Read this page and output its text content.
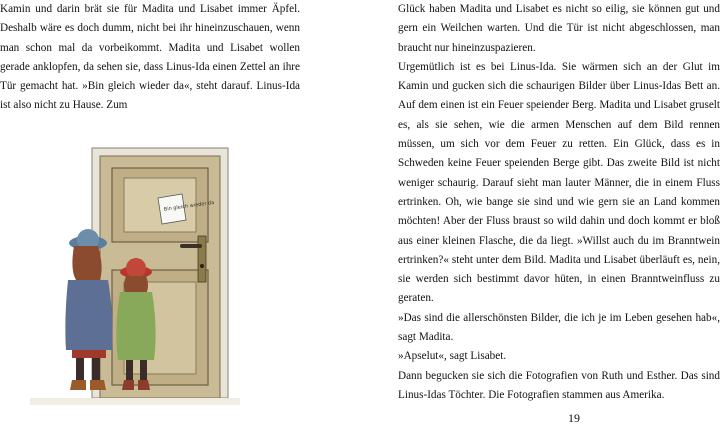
Kamin und darin brät sie für Madita und Lisabet immer Äpfel. Deshalb wäre es doch dumm, nicht bei ihr hineinzuschauen, wenn man schon mal da vorbeikommt. Madita und Lisabet wollen gerade anklopfen, da sehen sie, dass Linus-Ida einen Zettel an ihre Tür gemacht hat. »Bin gleich wieder da«, steht darauf. Linus-Ida ist also nicht zu Hause. Zum

Bin gleich wieder da

Glück haben Madita und Lisabet es nicht so eilig, sie können gut und gern ein Weilchen warten. Und die Tür ist nicht abgeschlossen, man braucht nur hineinzuspazieren.

Urgemütlich ist es bei Linus-Ida. Sie wärmen sich an der Glut im Kamin und gucken sich die schaurigen Bilder über Linus-Idas Bett an. Auf dem einen ist ein Feuer speiender Berg. Madita und Lisabet gruselt es, als sie sehen, wie die armen Menschen auf dem Bild rennen müssen, um sich vor dem Feuer zu retten. Ein Glück, dass es in Schweden keine Feuer speienden Berge gibt. Das zweite Bild ist nicht weniger schaurig. Darauf sieht man lauter Männer, die in einem Fluss ertrinken. Oh, wie bange sie sind und wie gern sie an Land kommen möchten! Aber der Fluss braust so wild dahin und doch kommt er bloß aus einer kleinen Flasche, die da liegt. »Willst auch du im Branntwein ertrinken?« steht unter dem Bild. Madita und Lisabet überläuft es, nein, sie werden sich bestimmt davor hüten, in einen Branntweinfluss zu geraten.

»Das sind die allerschönsten Bilder, die ich je im Leben gesehen hab«, sagt Madita.

»Apselut«, sagt Lisabet.

Dann begucken sie sich die Fotografien von Ruth und Esther. Das sind Linus-Idas Töchter. Die Fotografien stammen aus Amerika.

19
